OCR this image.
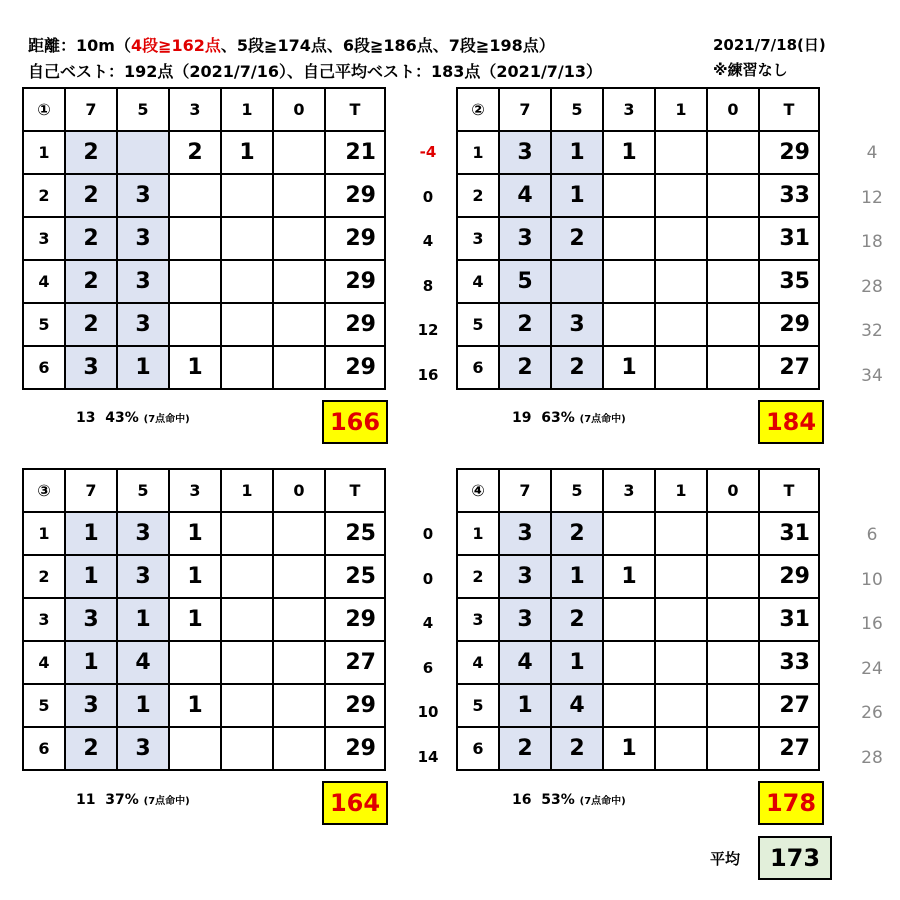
距離：10m（4段≧162点、5段≧174点、6段≧186点、7段≧198点）
自己ベスト：192点（2021/7/16）、自己平均ベスト：183点（2021/7/13）
2021/7/18(日)
※練習なし
①	7	5	3	1	0	T
1	2		2	1		21
2	2	3				29
3	2	3				29
4	2	3				29
5	2	3				29
6	3	1	1			29
13 43% (7点命中)	166
-4
0
4
8
12
16
②	7	5	3	1	0	T
1	3	1	1			29
2	4	1				33
3	3	2				31
4	5					35
5	2	3				29
6	2	2	1			27
19 63% (7点命中)	184
4
12
18
28
32
34
③	7	5	3	1	0	T
1	1	3	1			25
2	1	3	1			25
3	3	1	1			29
4	1	4				27
5	3	1	1			29
6	2	3				29
11 37% (7点命中)	164
0
0
4
6
10
14
④	7	5	3	1	0	T
1	3	2				31
2	3	1	1			29
3	3	2				31
4	4	1				33
5	1	4				27
6	2	2	1			27
16 53% (7点命中)	178
6
10
16
24
26
28
平均	173
